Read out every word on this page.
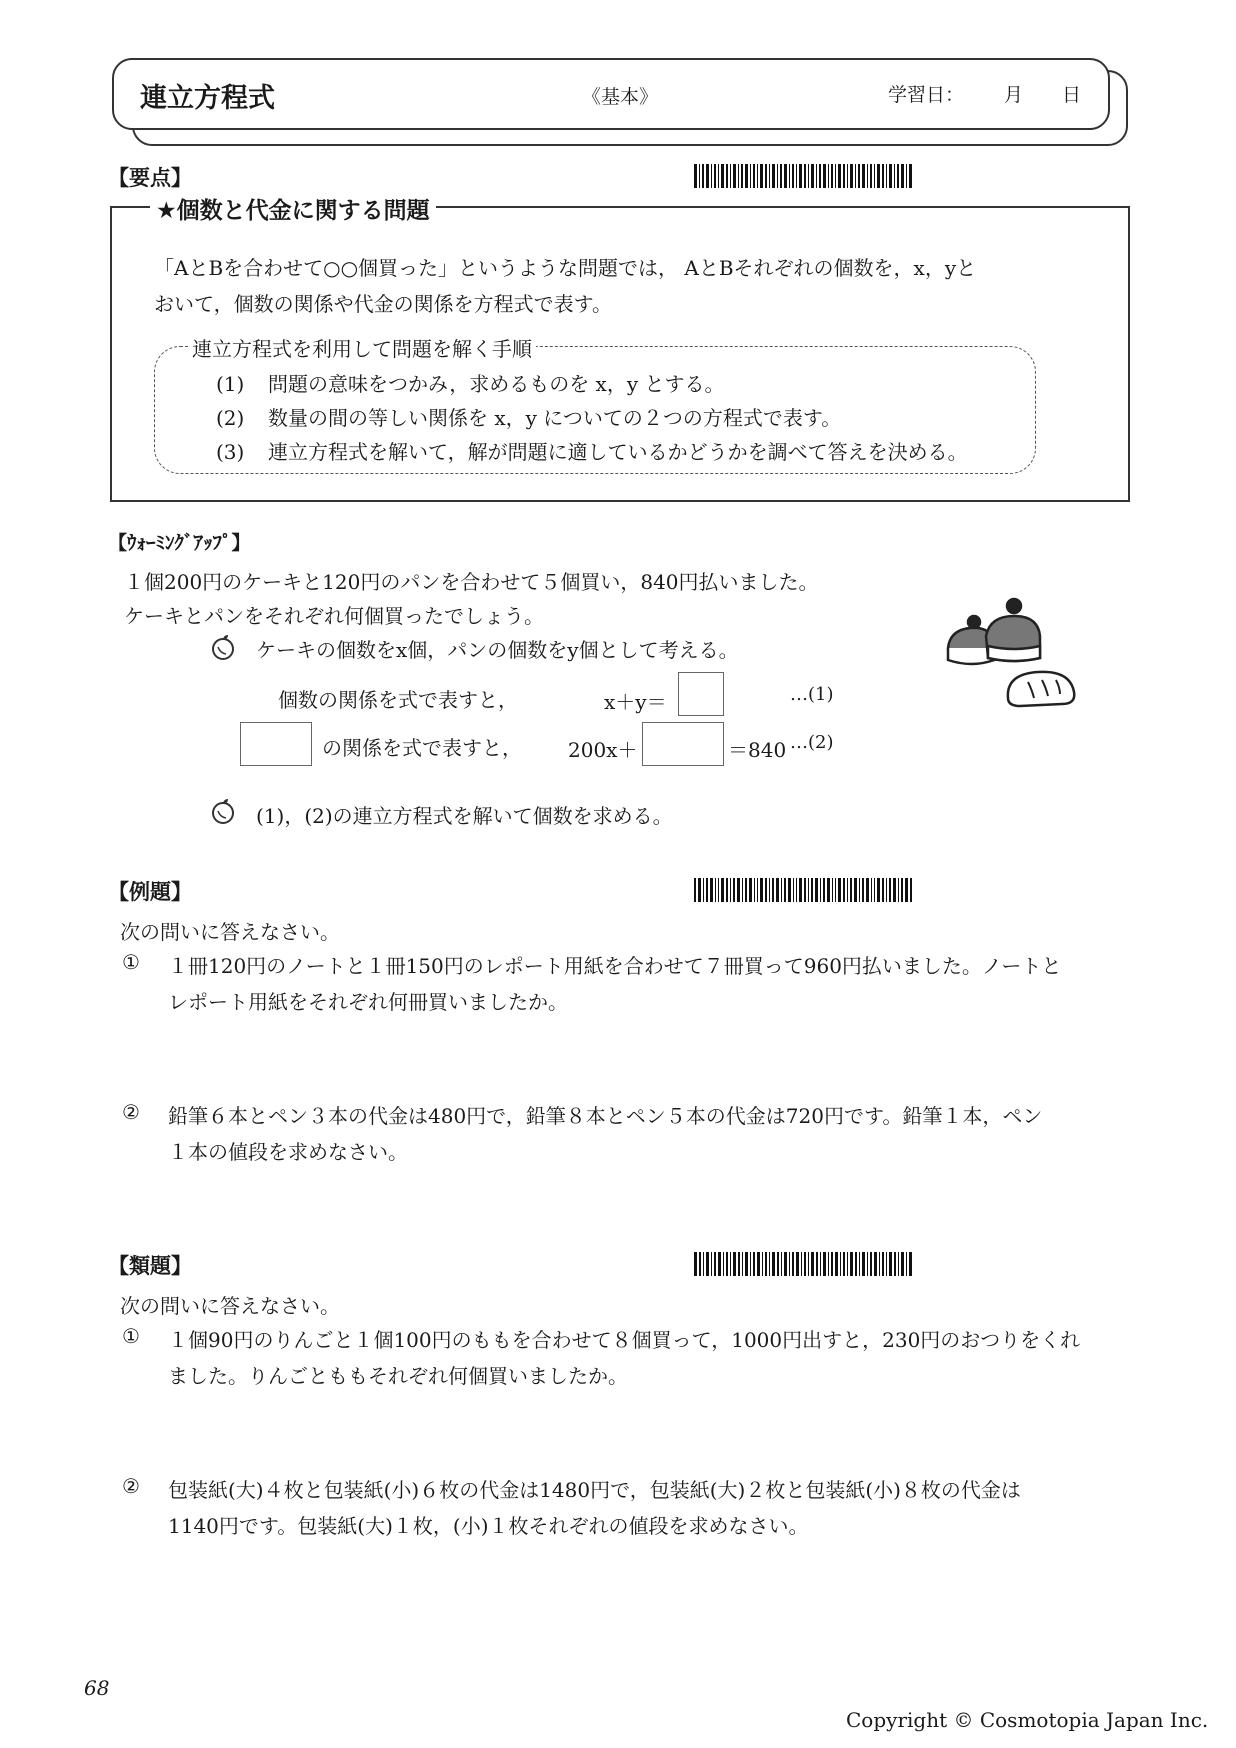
連立方程式	《基本》	学習日： 月 日
【要点】
★個数と代金に関する問題
「AとBを合わせて○○個買った」というような問題では， AとBそれぞれの個数を，x，yと
おいて，個数の関係や代金の関係を方程式で表す。
連立方程式を利用して問題を解く手順
(1) 問題の意味をつかみ，求めるものを x，y とする。
(2) 数量の間の等しい関係を x，y についての２つの方程式で表す。
(3) 連立方程式を解いて，解が問題に適しているかどうかを調べて答えを決める。
【ｳｫｰﾐﾝｸﾞｱｯﾌﾟ】
１個200円のケーキと120円のパンを合わせて５個買い，840円払いました。
ケーキとパンをそれぞれ何個買ったでしょう。
ケーキの個数をx個，パンの個数をy個として考える。
個数の関係を式で表すと，	x＋y＝	…(1)
の関係を式で表すと， 200x＋	＝840 …(2)
(1)，(2)の連立方程式を解いて個数を求める。
【例題】
次の問いに答えなさい。
① １冊120円のノートと１冊150円のレポート用紙を合わせて７冊買って960円払いました。ノートと
レポート用紙をそれぞれ何冊買いましたか。
② 鉛筆６本とペン３本の代金は480円で，鉛筆８本とペン５本の代金は720円です。鉛筆１本，ペン
１本の値段を求めなさい。
【類題】
次の問いに答えなさい。
① １個90円のりんごと１個100円のももを合わせて８個買って，1000円出すと，230円のおつりをくれ
ました。りんごとももそれぞれ何個買いましたか。
② 包装紙(大)４枚と包装紙(小)６枚の代金は1480円で，包装紙(大)２枚と包装紙(小)８枚の代金は
1140円です。包装紙(大)１枚，(小)１枚それぞれの値段を求めなさい。
68
Copyright © Cosmotopia Japan Inc.
